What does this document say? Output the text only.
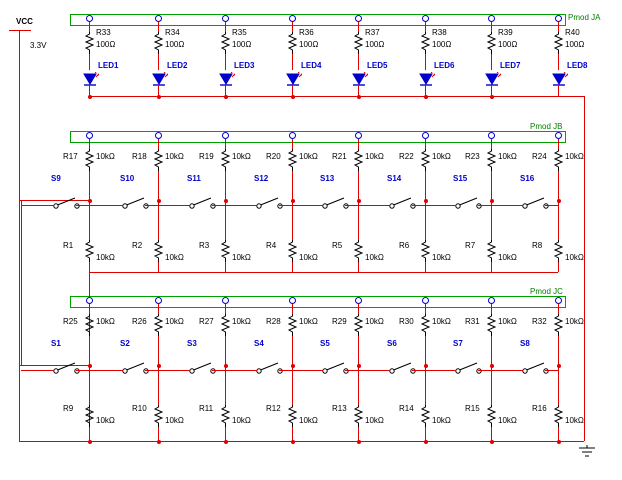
VCC
3.3V
Pmod JA
Pmod JB
Pmod JC
R33
100Ω
LED1
R34
100Ω
LED2
R35
100Ω
LED3
R36
100Ω
LED4
R37
100Ω
LED5
R38
100Ω
LED6
R39
100Ω
LED7
R40
100Ω
LED8
R17 10kΩ
S9
R1
10kΩ
R18 10kΩ
S10
R2
10kΩ
R19 10kΩ
S11
R3
10kΩ
R20 10kΩ
S12
R4
10kΩ
R21 10kΩ
S13
R5
10kΩ
R22 10kΩ
S14
R6
10kΩ
R23 10kΩ
S15
R7
10kΩ
R24 10kΩ
S16
R8
10kΩ
R25 10kΩ
S1
R9
10kΩ
R26 10kΩ
S2
R10
10kΩ
R27 10kΩ
S3
R11
10kΩ
R28 10kΩ
S4
R12
10kΩ
R29 10kΩ
S5
R13
10kΩ
R30 10kΩ
S6
R14
10kΩ
R31 10kΩ
S7
R15
10kΩ
R32 10kΩ
S8
R16
10kΩ
